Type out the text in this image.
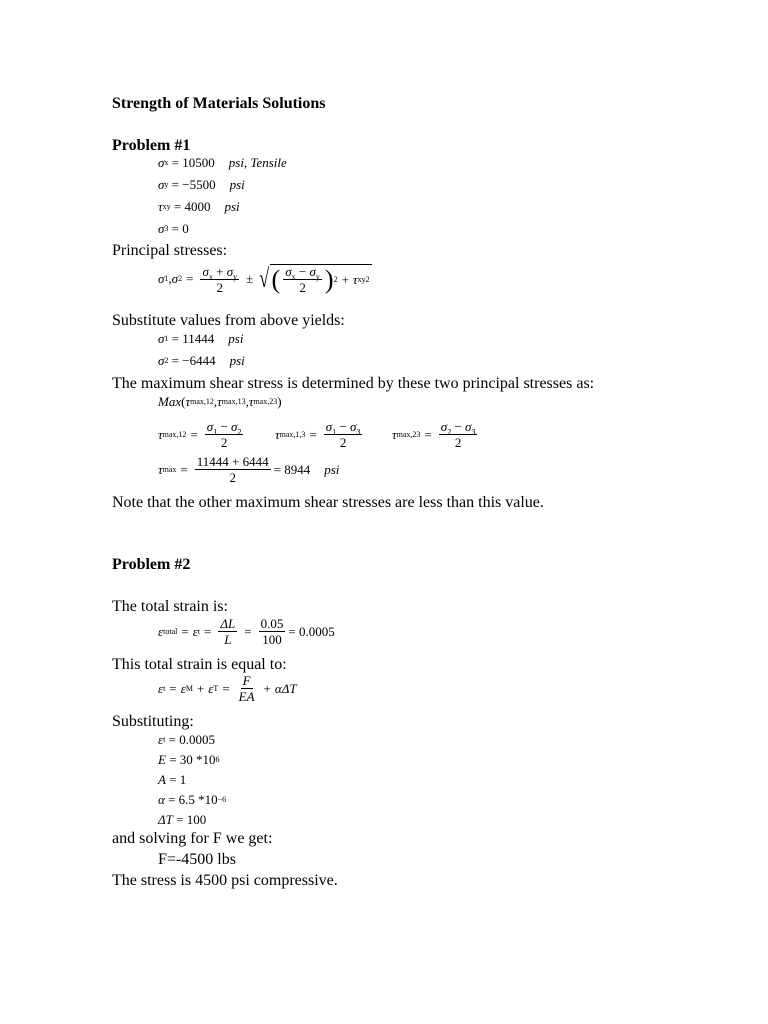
Strength of Materials Solutions
Problem #1
σ x
= 10500 psi, Tensile
σ y
= −5500 psi
τ xy
= 4000 psi
σ 3
= 0
Principal stresses:
σ 1 , σ $2 = \frac{\sigma_x + \sigma_y}{2}$ ± √ ( $\frac{\sigma_x - \sigma_y}{2}$ ) 2 + τ xy 2
Substitute values from above yields:
σ 1
= 11444 psi
σ 2
= −6444 psi
The maximum shear stress is determined by these two principal stresses as:
Max ( τ max,12 , τ max,13 , τ max,23 )
τ $\max,12 = \frac{\sigma_1 - \sigma_2}{2}$ τ $\max,1,3 = \frac{\sigma_1 - \sigma_3}{2}$ τ $\max,23 = \frac{\sigma_2 - \sigma_3}{2}$
τ $\max = \frac{11444 + 6444}{2} = 8944$ psi
Note that the other maximum shear stresses are less than this value.
Problem #2
The total strain is:
ε total = ε $t = \frac{\Delta L}{L} = \frac{0.05}{100} = 0.0005$
This total strain is equal to:
ε t = ε M + ε $T = \frac{F}{EA} + \alpha\Delta T$
Substituting:
ε t
= 0.0005
E
= 30 *10 6
A
= 1
α
= 6.5 *10 −6
ΔT
= 100
and solving for F we get:
F=-4500 lbs
The stress is 4500 psi compressive.
